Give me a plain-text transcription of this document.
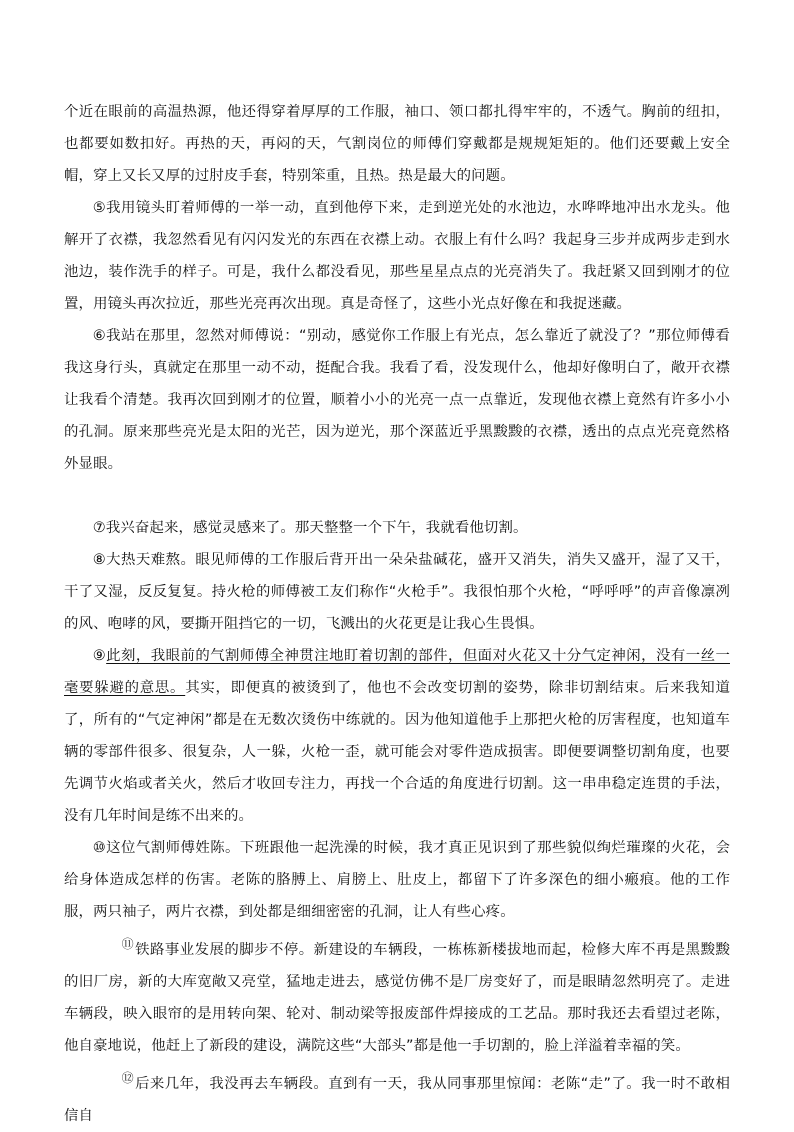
个近在眼前的高温热源，他还得穿着厚厚的工作服，袖口、领口都扎得牢牢的，不透气。胸前的纽扣，也都要如数扣好。再热的天，再闷的天，气割岗位的师傅们穿戴都是规规矩矩的。他们还要戴上安全帽，穿上又长又厚的过肘皮手套，特别笨重，且热。热是最大的问题。

⑤我用镜头盯着师傅的一举一动，直到他停下来，走到逆光处的水池边，水哗哗地冲出水龙头。他解开了衣襟，我忽然看见有闪闪发光的东西在衣襟上动。衣服上有什么吗？我起身三步并成两步走到水池边，装作洗手的样子。可是，我什么都没看见，那些星星点点的光亮消失了。我赶紧又回到刚才的位置，用镜头再次拉近，那些光亮再次出现。真是奇怪了，这些小光点好像在和我捉迷藏。

⑥我站在那里，忽然对师傅说：“别动，感觉你工作服上有光点，怎么靠近了就没了？”那位师傅看我这身行头，真就定在那里一动不动，挺配合我。我看了看，没发现什么，他却好像明白了，敞开衣襟让我看个清楚。我再次回到刚才的位置，顺着小小的光亮一点一点靠近，发现他衣襟上竟然有许多小小的孔洞。原来那些亮光是太阳的光芒，因为逆光，那个深蓝近乎黑黢黢的衣襟，透出的点点光亮竟然格外显眼。

⑦我兴奋起来，感觉灵感来了。那天整整一个下午，我就看他切割。

⑧大热天难熬。眼见师傅的工作服后背开出一朵朵盐碱花，盛开又消失，消失又盛开，湿了又干，干了又湿，反反复复。持火枪的师傅被工友们称作“火枪手”。我很怕那个火枪，“呼呼呼”的声音像凛冽的风、咆哮的风，要撕开阻挡它的一切，飞溅出的火花更是让我心生畏惧。

⑨此刻，我眼前的气割师傅全神贯注地盯着切割的部件，但面对火花又十分气定神闲，没有一丝一毫要躲避的意思。其实，即便真的被烫到了，他也不会改变切割的姿势，除非切割结束。后来我知道了，所有的“气定神闲”都是在无数次烫伤中练就的。因为他知道他手上那把火枪的厉害程度，也知道车辆的零部件很多、很复杂，人一躲，火枪一歪，就可能会对零件造成损害。即便要调整切割角度，也要先调节火焰或者关火，然后才收回专注力，再找一个合适的角度进行切割。这一串串稳定连贯的手法，没有几年时间是练不出来的。

⑩这位气割师傅姓陈。下班跟他一起洗澡的时候，我才真正见识到了那些貌似绚烂璀璨的火花，会给身体造成怎样的伤害。老陈的胳膊上、肩膀上、肚皮上，都留下了许多深色的细小瘢痕。他的工作服，两只袖子，两片衣襟，到处都是细细密密的孔洞，让人有些心疼。

⑪铁路事业发展的脚步不停。新建设的车辆段，一栋栋新楼拔地而起，检修大库不再是黑黢黢的旧厂房，新的大库宽敞又亮堂，猛地走进去，感觉仿佛不是厂房变好了，而是眼睛忽然明亮了。走进车辆段，映入眼帘的是用转向架、轮对、制动梁等报废部件焊接成的工艺品。那时我还去看望过老陈，他自豪地说，他赶上了新段的建设，满院这些“大部头”都是他一手切割的，脸上洋溢着幸福的笑。

⑫后来几年，我没再去车辆段。直到有一天，我从同事那里惊闻：老陈“走”了。我一时不敢相信自
